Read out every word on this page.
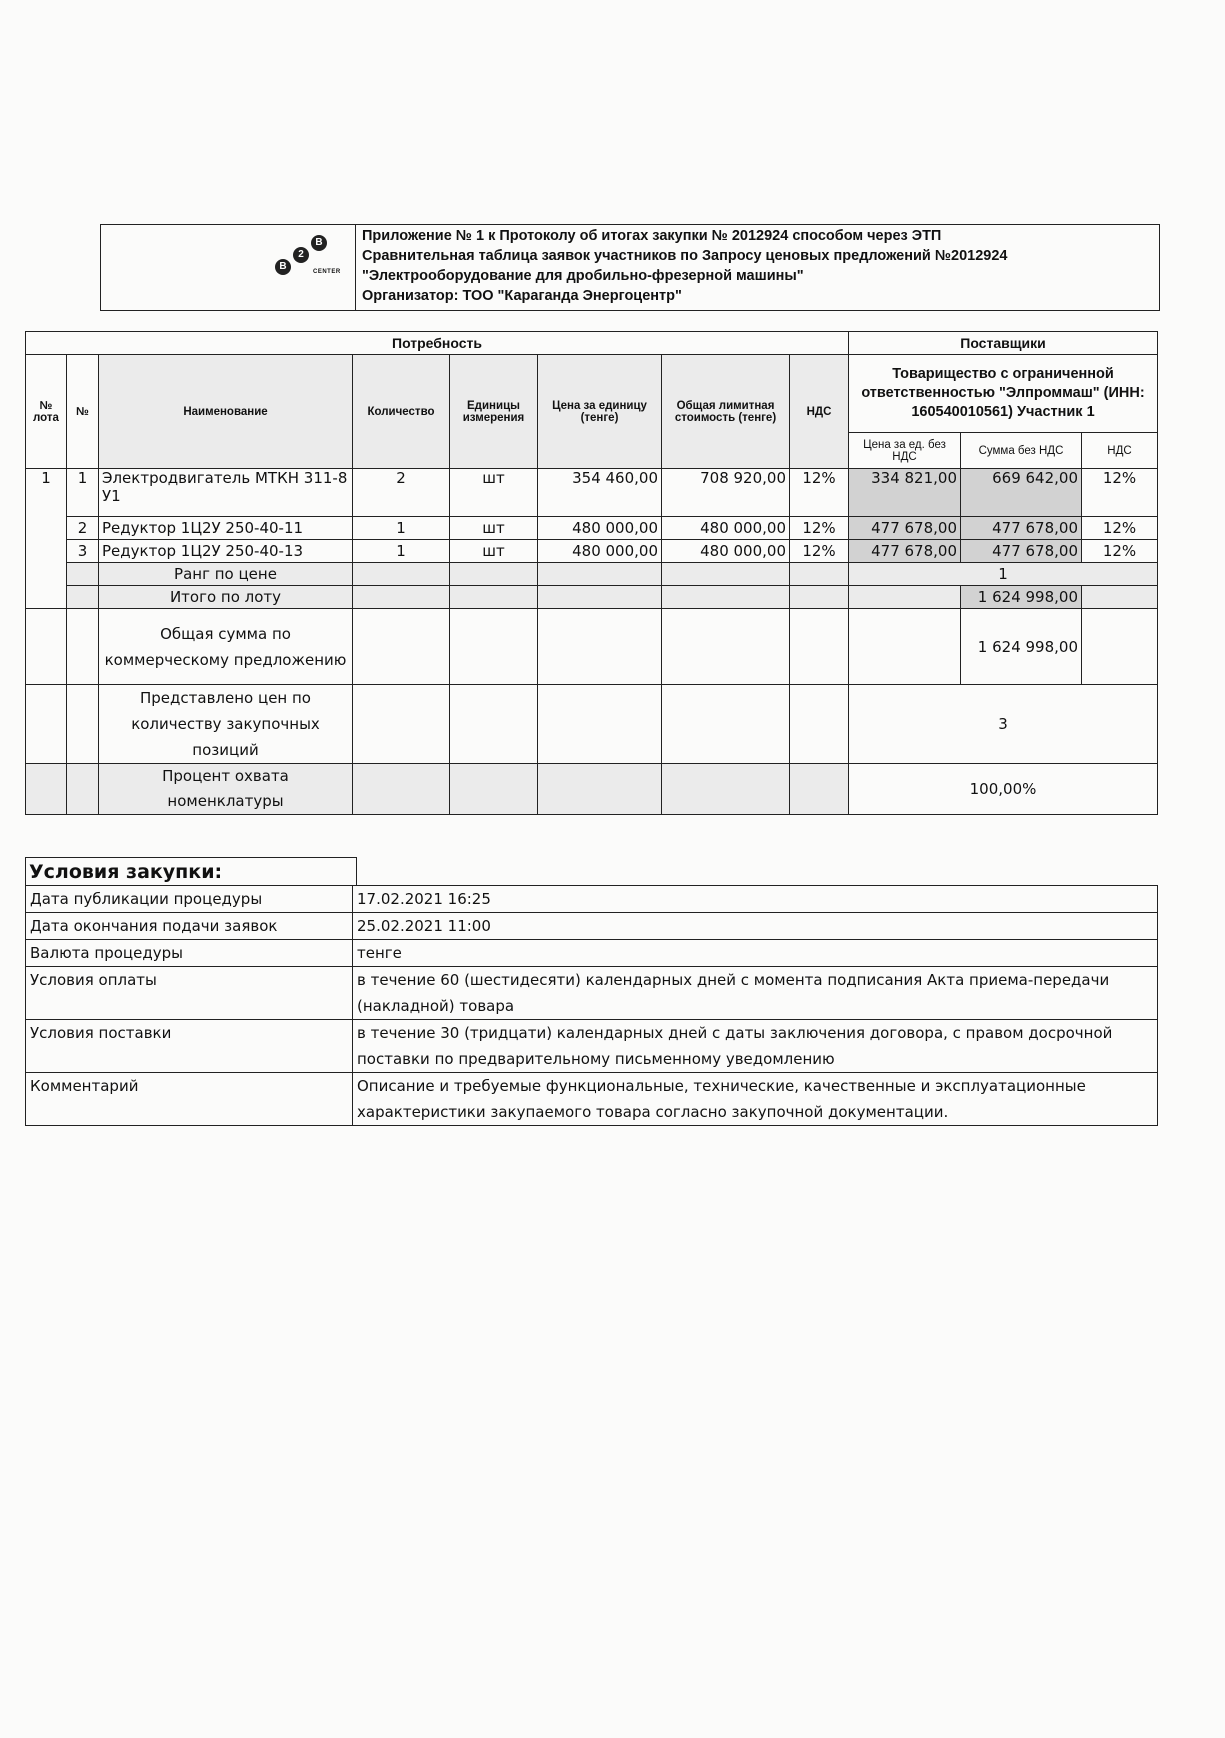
B
2
B
CENTER
Приложение № 1 к Протоколу об итогах закупки № 2012924 способом через ЭТП
Сравнительная таблица заявок участников по Запросу ценовых предложений №2012924
"Электрооборудование для дробильно-фрезерной машины"
Организатор: ТОО "Караганда Энергоцентр"
Потребность								Поставщики		
№ лота	№	Наименование	Количество	Единицы измерения	Цена за единицу (тенге)	Общая лимитная стоимость (тенге)	НДС	Товарищество с ограниченной ответственностью "Элпроммаш" (ИНН: 160540010561) Участник 1		
								Цена за ед. без НДС	Сумма без НДС	НДС
1	1	Электродвигатель МТКН 311-8 У1	2	шт	354 460,00	708 920,00	12%	334 821,00	669 642,00	12%
	2	Редуктор 1Ц2У 250-40-11	1	шт	480 000,00	480 000,00	12%	477 678,00	477 678,00	12%
	3	Редуктор 1Ц2У 250-40-13	1	шт	480 000,00	480 000,00	12%	477 678,00	477 678,00	12%
		Ранг по цене						1		
		Итого по лоту							1 624 998,00	
		Общая сумма по коммерческому предложению							1 624 998,00	
		Представлено цен по количеству закупочных позиций						3		
		Процент охвата номенклатуры						100,00%		
Условия закупки:
Дата публикации процедуры	17.02.2021 16:25
Дата окончания подачи заявок	25.02.2021 11:00
Валюта процедуры	тенге
Условия оплаты	в течение 60 (шестидесяти) календарных дней с момента подписания Акта приема-передачи (накладной) товара
Условия поставки	в течение 30 (тридцати) календарных дней с даты заключения договора, с правом досрочной поставки по предварительному письменному уведомлению
Комментарий	Описание и требуемые функциональные, технические, качественные и эксплуатационные характеристики закупаемого товара согласно закупочной документации.
